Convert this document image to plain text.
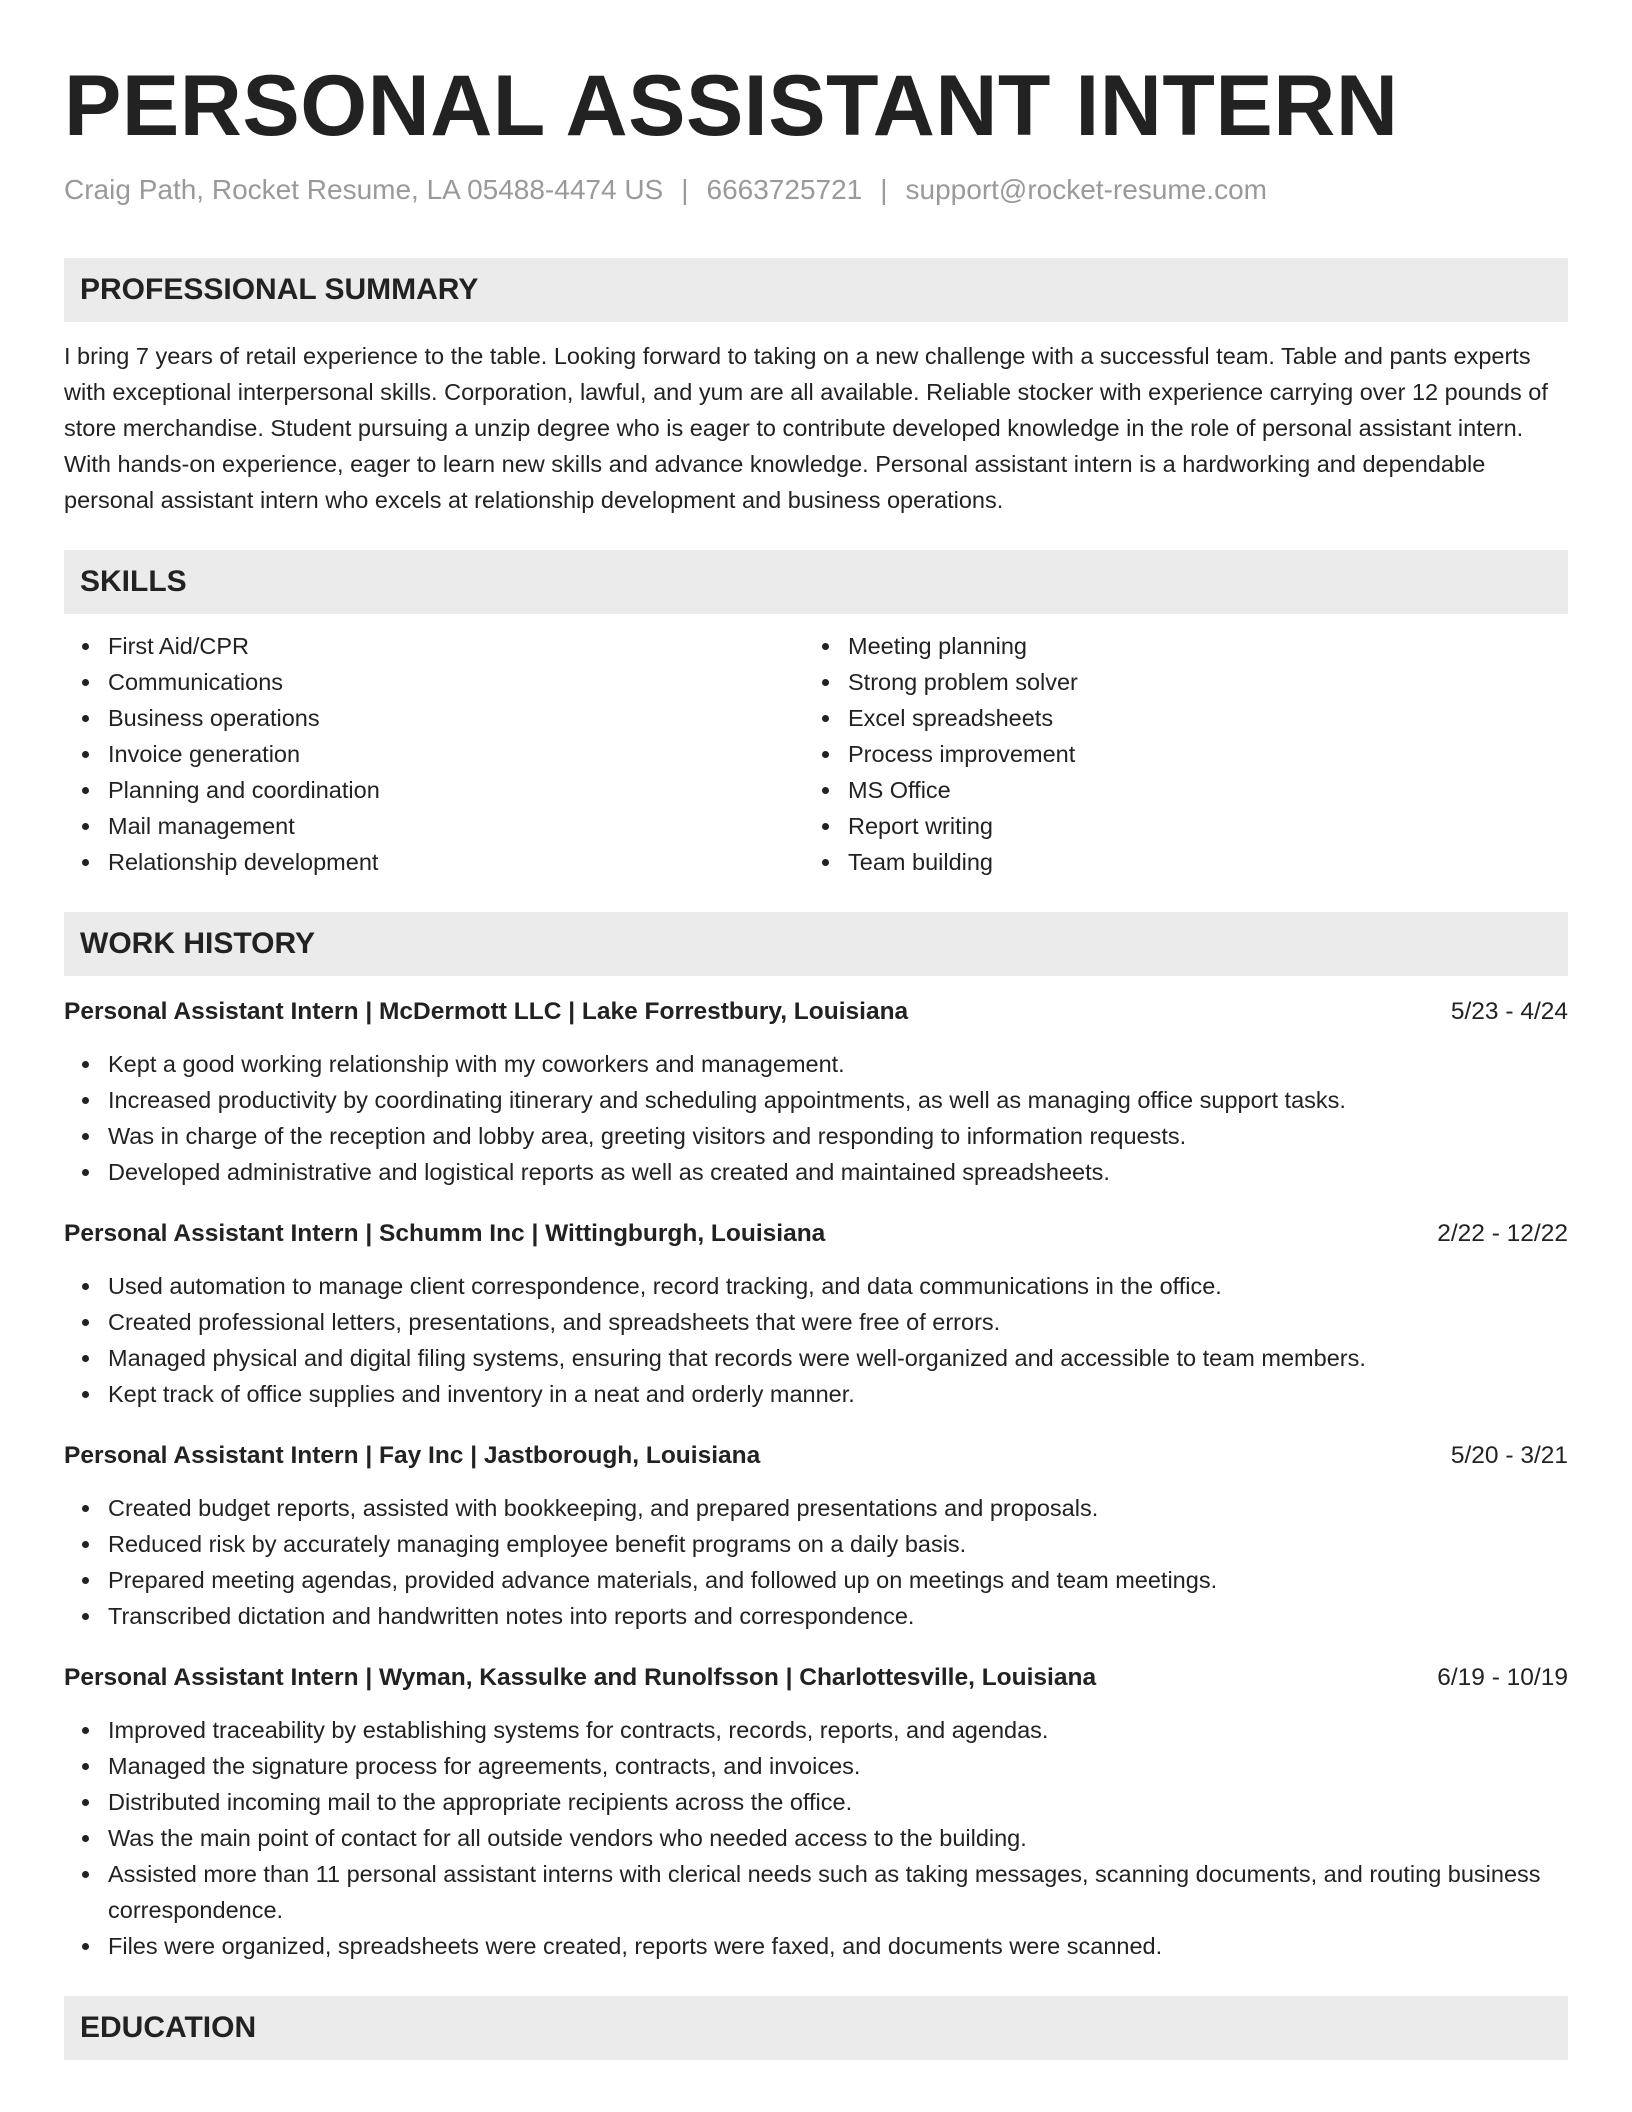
PERSONAL ASSISTANT INTERN
Craig Path, Rocket Resume, LA 05488-4474 US | 6663725721 | support@rocket-resume.com
PROFESSIONAL SUMMARY
I bring 7 years of retail experience to the table. Looking forward to taking on a new challenge with a successful team. Table and pants experts with exceptional interpersonal skills. Corporation, lawful, and yum are all available. Reliable stocker with experience carrying over 12 pounds of store merchandise. Student pursuing a unzip degree who is eager to contribute developed knowledge in the role of personal assistant intern. With hands-on experience, eager to learn new skills and advance knowledge. Personal assistant intern is a hardworking and dependable personal assistant intern who excels at relationship development and business operations.
SKILLS
First Aid/CPR
Communications
Business operations
Invoice generation
Planning and coordination
Mail management
Relationship development
Meeting planning
Strong problem solver
Excel spreadsheets
Process improvement
MS Office
Report writing
Team building
WORK HISTORY
Personal Assistant Intern | McDermott LLC | Lake Forrestbury, Louisiana	5/23 - 4/24
Kept a good working relationship with my coworkers and management.
Increased productivity by coordinating itinerary and scheduling appointments, as well as managing office support tasks.
Was in charge of the reception and lobby area, greeting visitors and responding to information requests.
Developed administrative and logistical reports as well as created and maintained spreadsheets.
Personal Assistant Intern | Schumm Inc | Wittingburgh, Louisiana	2/22 - 12/22
Used automation to manage client correspondence, record tracking, and data communications in the office.
Created professional letters, presentations, and spreadsheets that were free of errors.
Managed physical and digital filing systems, ensuring that records were well-organized and accessible to team members.
Kept track of office supplies and inventory in a neat and orderly manner.
Personal Assistant Intern | Fay Inc | Jastborough, Louisiana	5/20 - 3/21
Created budget reports, assisted with bookkeeping, and prepared presentations and proposals.
Reduced risk by accurately managing employee benefit programs on a daily basis.
Prepared meeting agendas, provided advance materials, and followed up on meetings and team meetings.
Transcribed dictation and handwritten notes into reports and correspondence.
Personal Assistant Intern | Wyman, Kassulke and Runolfsson | Charlottesville, Louisiana	6/19 - 10/19
Improved traceability by establishing systems for contracts, records, reports, and agendas.
Managed the signature process for agreements, contracts, and invoices.
Distributed incoming mail to the appropriate recipients across the office.
Was the main point of contact for all outside vendors who needed access to the building.
Assisted more than 11 personal assistant interns with clerical needs such as taking messages, scanning documents, and routing business correspondence.
Files were organized, spreadsheets were created, reports were faxed, and documents were scanned.
EDUCATION
